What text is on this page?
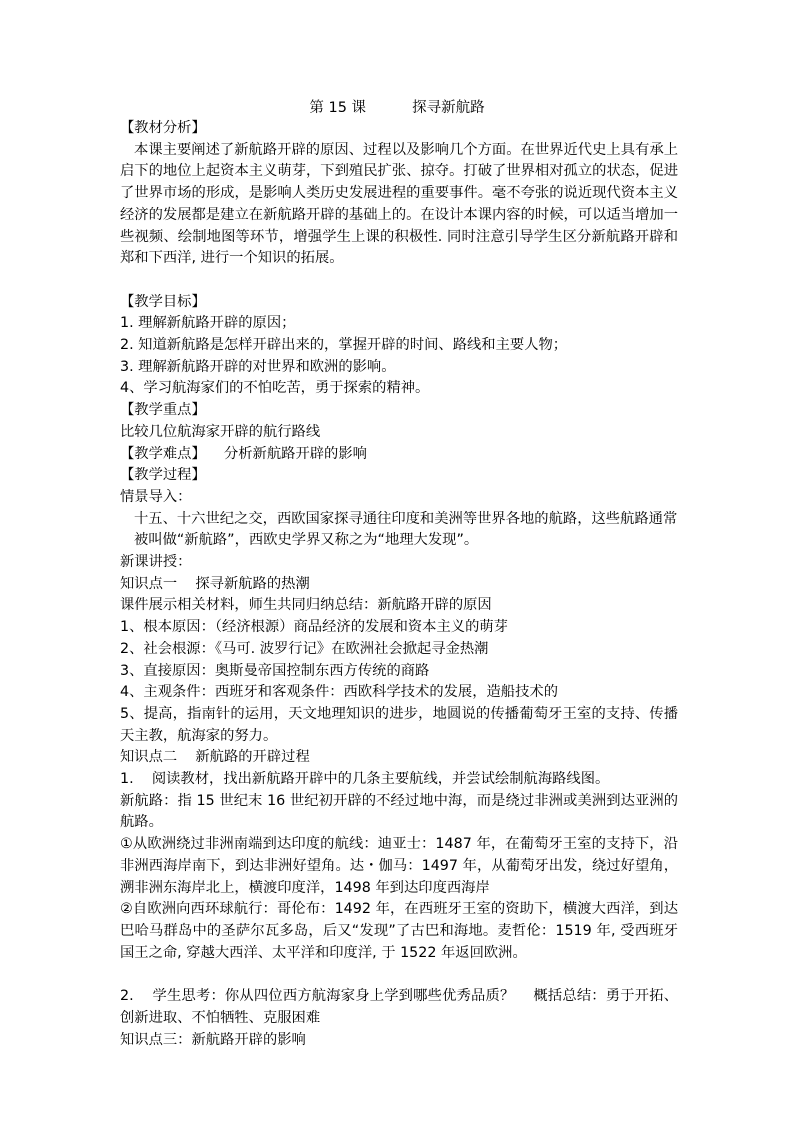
第 15 课          探寻新航路

【教材分析】

本课主要阐述了新航路开辟的原因、过程以及影响几个方面。在世界近代史上具有承上启下的地位上起资本主义萌芽，下到殖民扩张、掠夺。打破了世界相对孤立的状态，促进了世界市场的形成，是影响人类历史发展进程的重要事件。毫不夸张的说近现代资本主义经济的发展都是建立在新航路开辟的基础上的。在设计本课内容的时候，可以适当增加一些视频、绘制地图等环节，增强学生上课的积极性. 同时注意引导学生区分新航路开辟和郑和下西洋, 进行一个知识的拓展。

【教学目标】

1. 理解新航路开辟的原因；

2. 知道新航路是怎样开辟出来的，掌握开辟的时间、路线和主要人物；

3. 理解新航路开辟的对世界和欧洲的影响。

4、学习航海家们的不怕吃苦，勇于探索的精神。

【教学重点】

比较几位航海家开辟的航行路线

【教学难点】    分析新航路开辟的影响

【教学过程】

情景导入：

十五、十六世纪之交，西欧国家探寻通往印度和美洲等世界各地的航路，这些航路通常被叫做“新航路”，西欧史学界又称之为“地理大发现”。

新课讲授：

知识点一    探寻新航路的热潮

课件展示相关材料，师生共同归纳总结：新航路开辟的原因

1、根本原因：（经济根源）商品经济的发展和资本主义的萌芽

2、社会根源：《马可. 波罗行记》在欧洲社会掀起寻金热潮

3、直接原因：奥斯曼帝国控制东西方传统的商路

4、主观条件：西班牙和客观条件：西欧科学技术的发展，造船技术的

5、提高，指南针的运用，天文地理知识的进步，地圆说的传播葡萄牙王室的支持、传播天主教，航海家的努力。

知识点二    新航路的开辟过程

1.    阅读教材，找出新航路开辟中的几条主要航线，并尝试绘制航海路线图。

新航路：指 15 世纪末 16 世纪初开辟的不经过地中海，而是绕过非洲或美洲到达亚洲的航路。

①从欧洲绕过非洲南端到达印度的航线：迪亚士：1487 年，在葡萄牙王室的支持下，沿非洲西海岸南下，到达非洲好望角。达・伽马：1497 年，从葡萄牙出发，绕过好望角，溯非洲东海岸北上，横渡印度洋，1498 年到达印度西海岸

②自欧洲向西环球航行：哥伦布：1492 年，在西班牙王室的资助下，横渡大西洋，到达巴哈马群岛中的圣萨尔瓦多岛，后又“发现”了古巴和海地。麦哲伦：1519 年, 受西班牙国王之命, 穿越大西洋、太平洋和印度洋, 于 1522 年返回欧洲。

2.    学生思考：你从四位西方航海家身上学到哪些优秀品质？    概括总结：勇于开拓、创新进取、不怕牺牲、克服困难

知识点三：新航路开辟的影响
